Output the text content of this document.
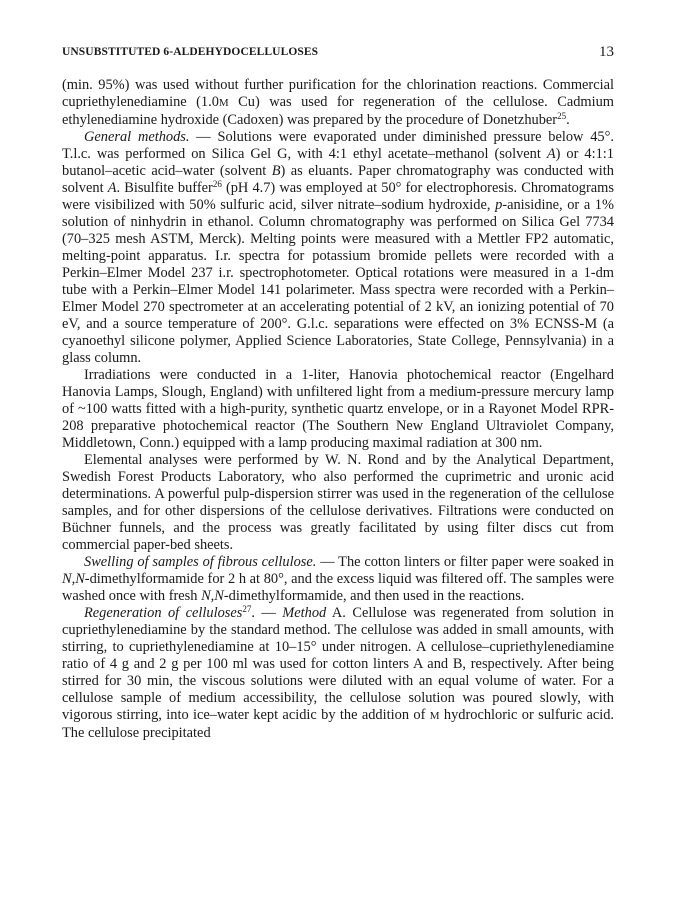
UNSUBSTITUTED 6-ALDEHYDOCELLULOSES	13

(min. 95%) was used without further purification for the chlorination reactions. Commercial cupriethylenediamine (1.0M Cu) was used for regeneration of the cellulose. Cadmium ethylenediamine hydroxide (Cadoxen) was prepared by the procedure of Donetzhuber$^{25}$.

General methods. — Solutions were evaporated under diminished pressure below 45°. T.l.c. was performed on Silica Gel G, with 4:1 ethyl acetate–methanol (solvent A) or 4:1:1 butanol–acetic acid–water (solvent B) as eluants. Paper chromatography was conducted with solvent A. Bisulfite buffer$^{26}$ (pH 4.7) was employed at 50° for electrophoresis. Chromatograms were visibilized with 50% sulfuric acid, silver nitrate–sodium hydroxide, p-anisidine, or a 1% solution of ninhydrin in ethanol. Column chromatography was performed on Silica Gel 7734 (70–325 mesh ASTM, Merck). Melting points were measured with a Mettler FP2 automatic, melting-point apparatus. I.r. spectra for potassium bromide pellets were recorded with a Perkin–Elmer Model 237 i.r. spectrophotometer. Optical rotations were measured in a 1-dm tube with a Perkin–Elmer Model 141 polarimeter. Mass spectra were recorded with a Perkin–Elmer Model 270 spectrometer at an accelerating potential of 2 kV, an ionizing potential of 70 eV, and a source temperature of 200°. G.l.c. separations were effected on 3% ECNSS-M (a cyanoethyl silicone polymer, Applied Science Laboratories, State College, Pennsylvania) in a glass column.

Irradiations were conducted in a 1-liter, Hanovia photochemical reactor (Engelhard Hanovia Lamps, Slough, England) with unfiltered light from a medium-pressure mercury lamp of ~100 watts fitted with a high-purity, synthetic quartz envelope, or in a Rayonet Model RPR-208 preparative photochemical reactor (The Southern New England Ultraviolet Company, Middletown, Conn.) equipped with a lamp producing maximal radiation at 300 nm.

Elemental analyses were performed by W. N. Rond and by the Analytical Department, Swedish Forest Products Laboratory, who also performed the cuprimetric and uronic acid determinations. A powerful pulp-dispersion stirrer was used in the regeneration of the cellulose samples, and for other dispersions of the cellulose derivatives. Filtrations were conducted on Büchner funnels, and the process was greatly facilitated by using filter discs cut from commercial paper-bed sheets.

Swelling of samples of fibrous cellulose. — The cotton linters or filter paper were soaked in N,N-dimethylformamide for 2 h at 80°, and the excess liquid was filtered off. The samples were washed once with fresh N,N-dimethylformamide, and then used in the reactions.

Regeneration of celluloses$^{27}$. — Method A. Cellulose was regenerated from solution in cupriethylenediamine by the standard method. The cellulose was added in small amounts, with stirring, to cupriethylenediamine at 10–15° under nitrogen. A cellulose–cupriethylenediamine ratio of 4 g and 2 g per 100 ml was used for cotton linters A and B, respectively. After being stirred for 30 min, the viscous solutions were diluted with an equal volume of water. For a cellulose sample of medium accessibility, the cellulose solution was poured slowly, with vigorous stirring, into ice–water kept acidic by the addition of M hydrochloric or sulfuric acid. The cellulose precipitated
